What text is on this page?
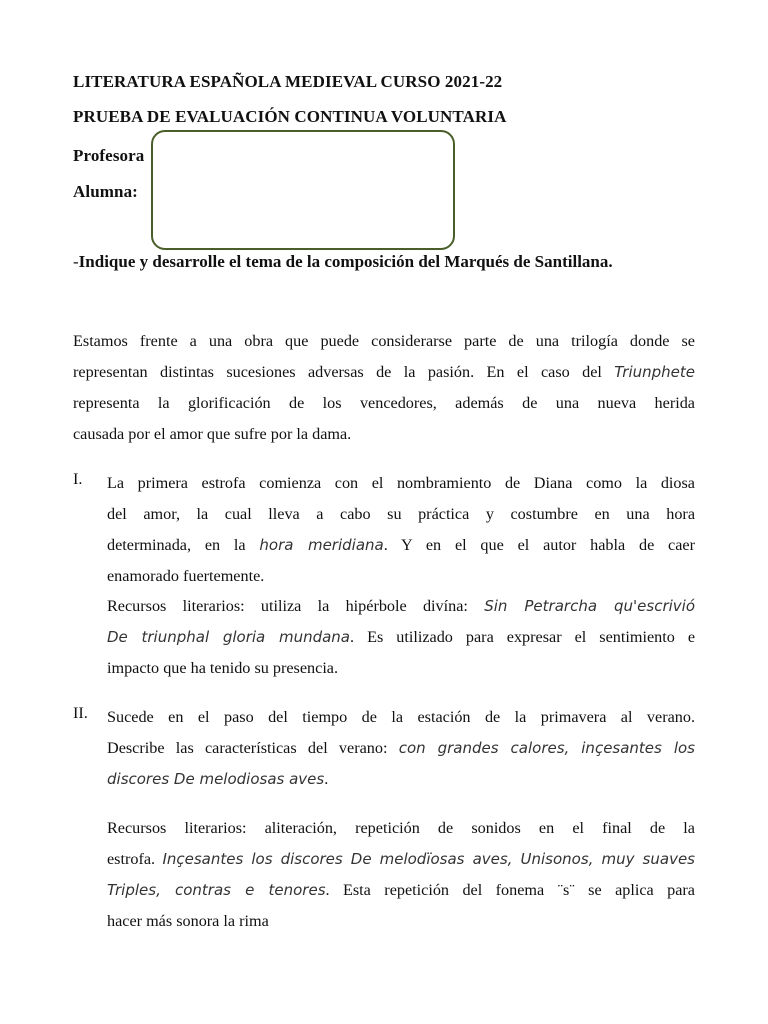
LITERATURA ESPAÑOLA MEDIEVAL CURSO 2021-22
PRUEBA DE EVALUACIÓN CONTINUA VOLUNTARIA
Profesora
Alumna:
-Indique y desarrolle el tema de la composición del Marqués de Santillana.
Estamos frente a una obra que puede considerarse parte de una trilogía donde se
representan distintas sucesiones adversas de la pasión. En el caso del Triunphete
representa la glorificación de los vencedores, además de una nueva herida
causada por el amor que sufre por la dama.
I. La primera estrofa comienza con el nombramiento de Diana como la diosa
del amor, la cual lleva a cabo su práctica y costumbre en una hora
determinada, en la hora meridiana. Y en el que el autor habla de caer
enamorado fuertemente.
Recursos literarios: utiliza la hipérbole divína: Sin Petrarcha qu'escrivió
De triunphal gloria mundana. Es utilizado para expresar el sentimiento e
impacto que ha tenido su presencia.
II. Sucede en el paso del tiempo de la estación de la primavera al verano.
Describe las características del verano: con grandes calores, inçesantes los
discores De melodiosas aves.
Recursos literarios: aliteración, repetición de sonidos en el final de la
estrofa. Inçesantes los discores De melodïosas aves, Unisonos, muy suaves
Triples, contras e tenores. Esta repetición del fonema ¨s¨ se aplica para
hacer más sonora la rima
